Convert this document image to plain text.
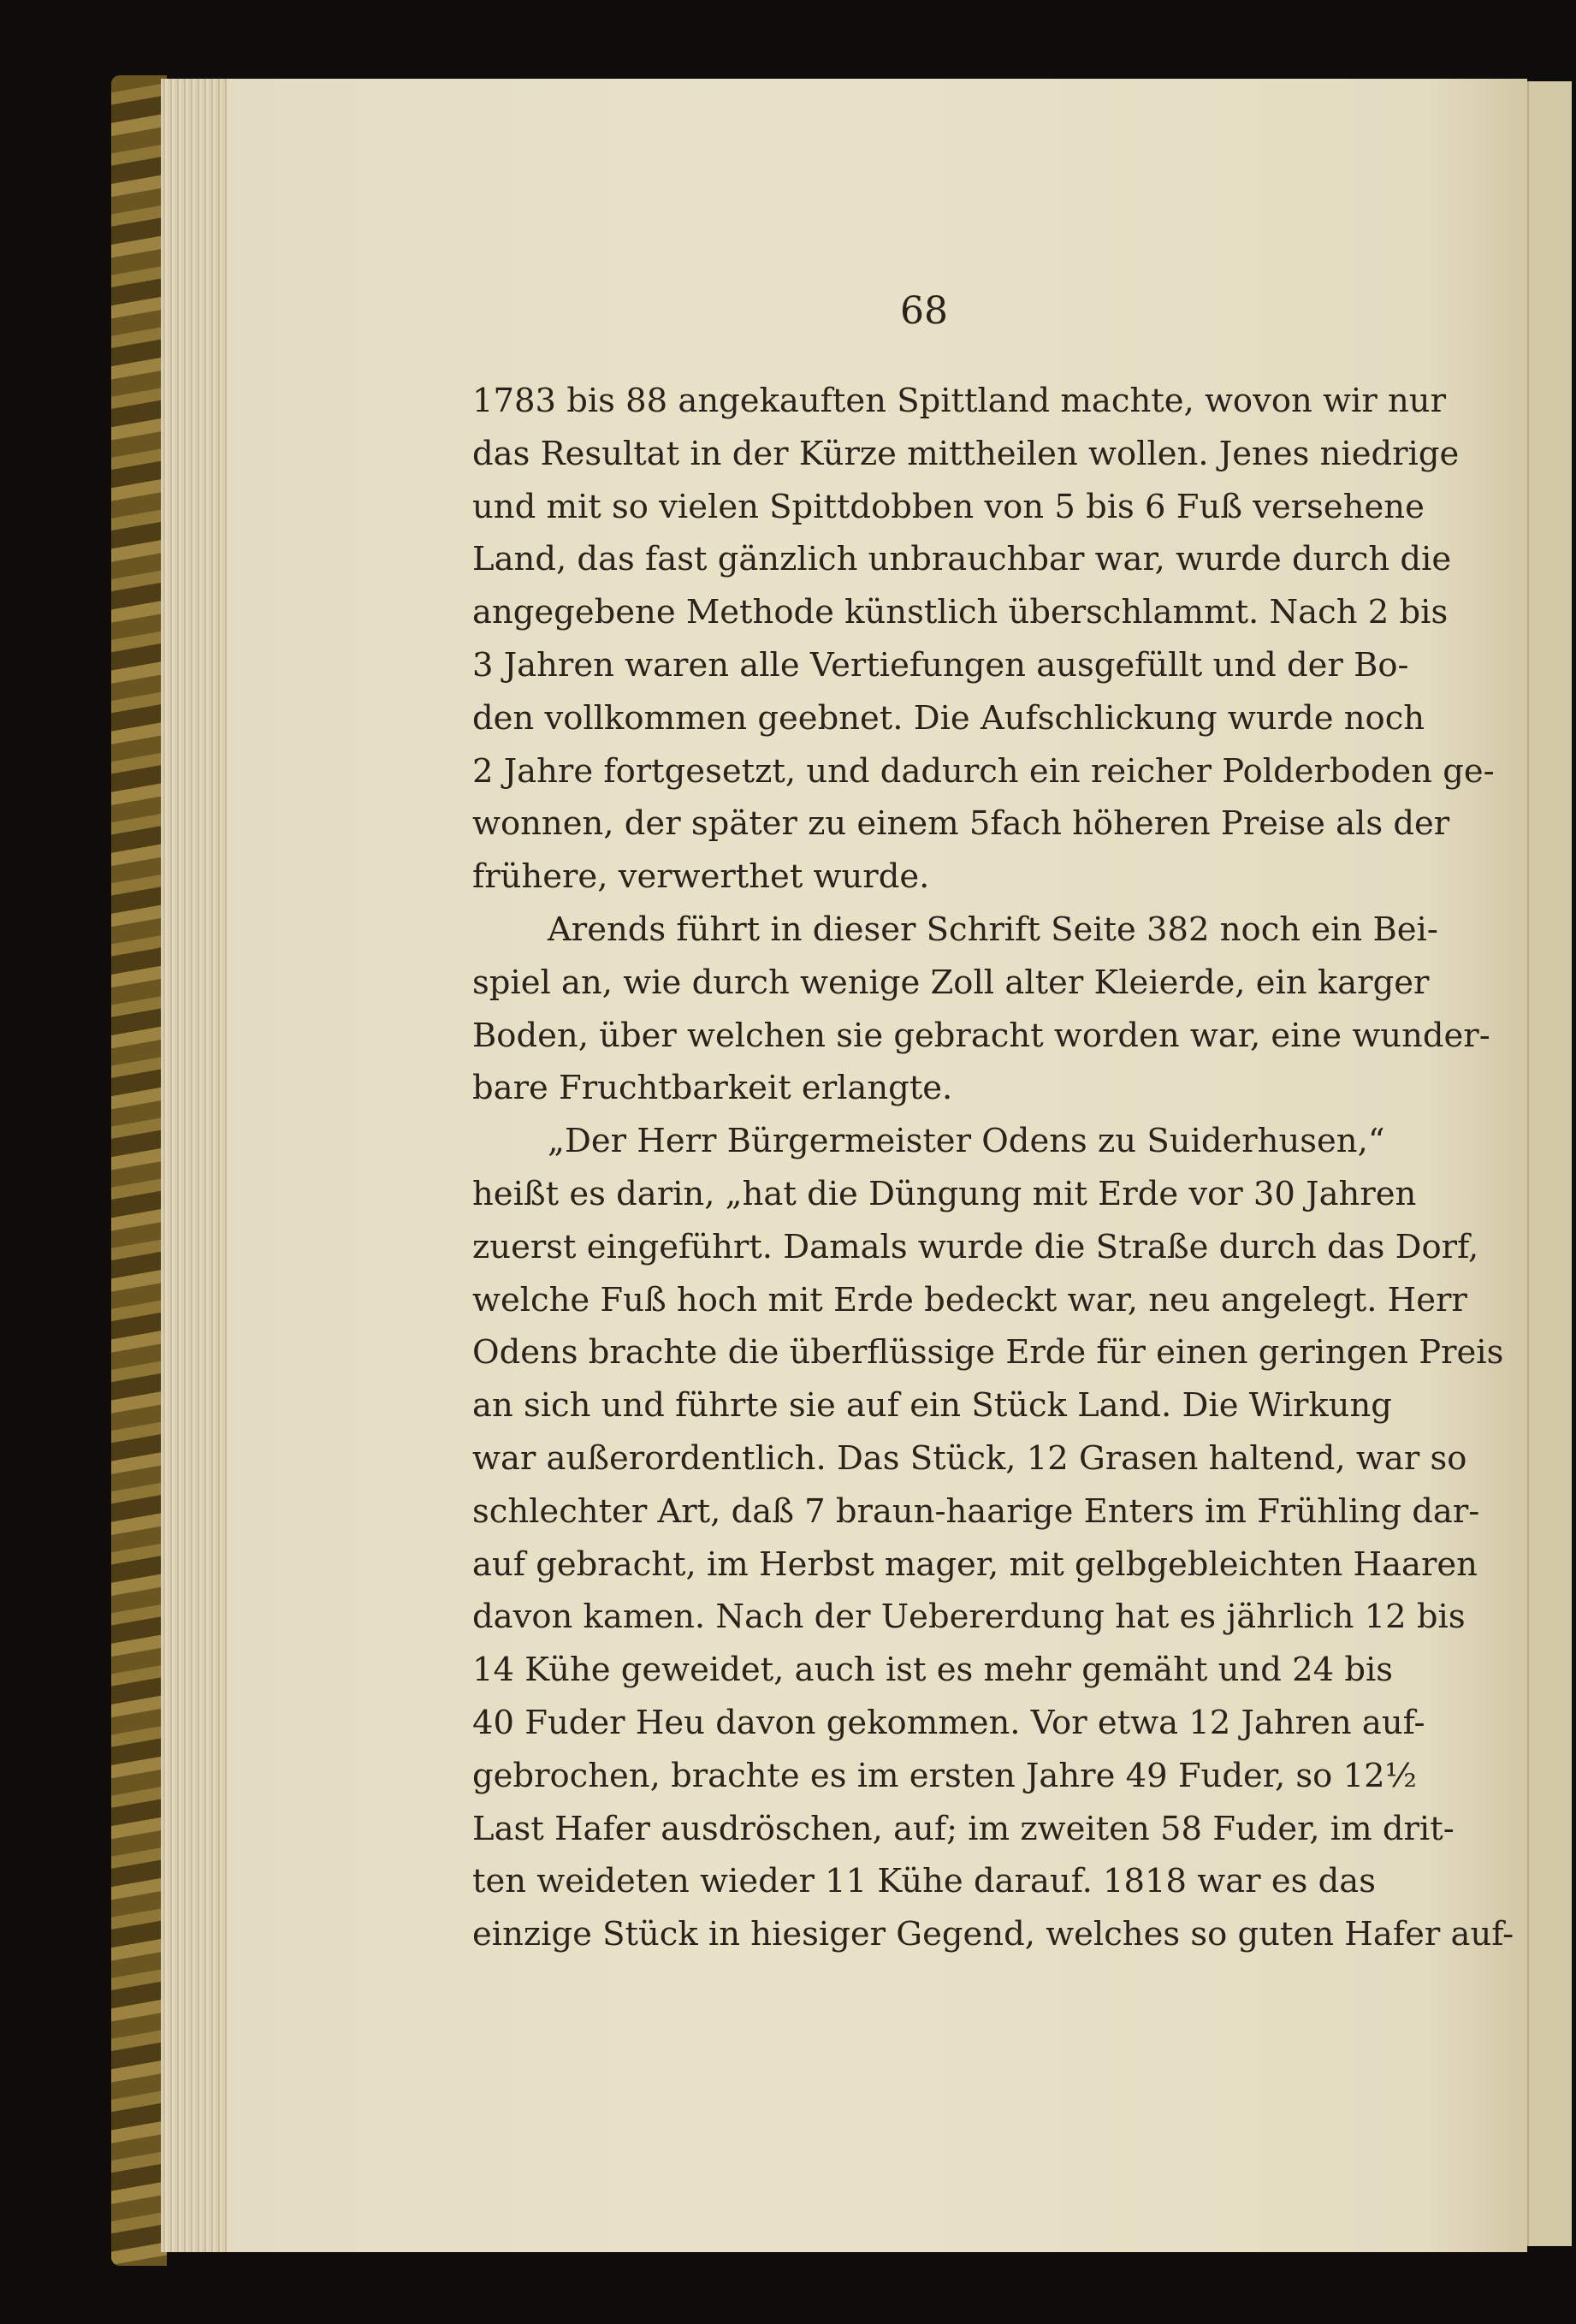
68
1783 bis 88 angekauften Spittland machte, wovon wir nur
das Resultat in der Kürze mittheilen wollen. Jenes niedrige
und mit so vielen Spittdobben von 5 bis 6 Fuß versehene
Land, das fast gänzlich unbrauchbar war, wurde durch die
angegebene Methode künstlich überschlammt. Nach 2 bis
3 Jahren waren alle Vertiefungen ausgefüllt und der Bo-
den vollkommen geebnet. Die Aufschlickung wurde noch
2 Jahre fortgesetzt, und dadurch ein reicher Polderboden ge-
wonnen, der später zu einem 5fach höheren Preise als der
frühere, verwerthet wurde.
Arends führt in dieser Schrift Seite 382 noch ein Bei-
spiel an, wie durch wenige Zoll alter Kleierde, ein karger
Boden, über welchen sie gebracht worden war, eine wunder-
bare Fruchtbarkeit erlangte.
„Der Herr Bürgermeister Odens zu Suiderhusen,“
heißt es darin, „hat die Düngung mit Erde vor 30 Jahren
zuerst eingeführt. Damals wurde die Straße durch das Dorf,
welche Fuß hoch mit Erde bedeckt war, neu angelegt. Herr
Odens brachte die überflüssige Erde für einen geringen Preis
an sich und führte sie auf ein Stück Land. Die Wirkung
war außerordentlich. Das Stück, 12 Grasen haltend, war so
schlechter Art, daß 7 braun-haarige Enters im Frühling dar-
auf gebracht, im Herbst mager, mit gelbgebleichten Haaren
davon kamen. Nach der Uebererdung hat es jährlich 12 bis
14 Kühe geweidet, auch ist es mehr gemäht und 24 bis
40 Fuder Heu davon gekommen. Vor etwa 12 Jahren auf-
gebrochen, brachte es im ersten Jahre 49 Fuder, so 12½
Last Hafer ausdröschen, auf; im zweiten 58 Fuder, im drit-
ten weideten wieder 11 Kühe darauf. 1818 war es das
einzige Stück in hiesiger Gegend, welches so guten Hafer auf-
